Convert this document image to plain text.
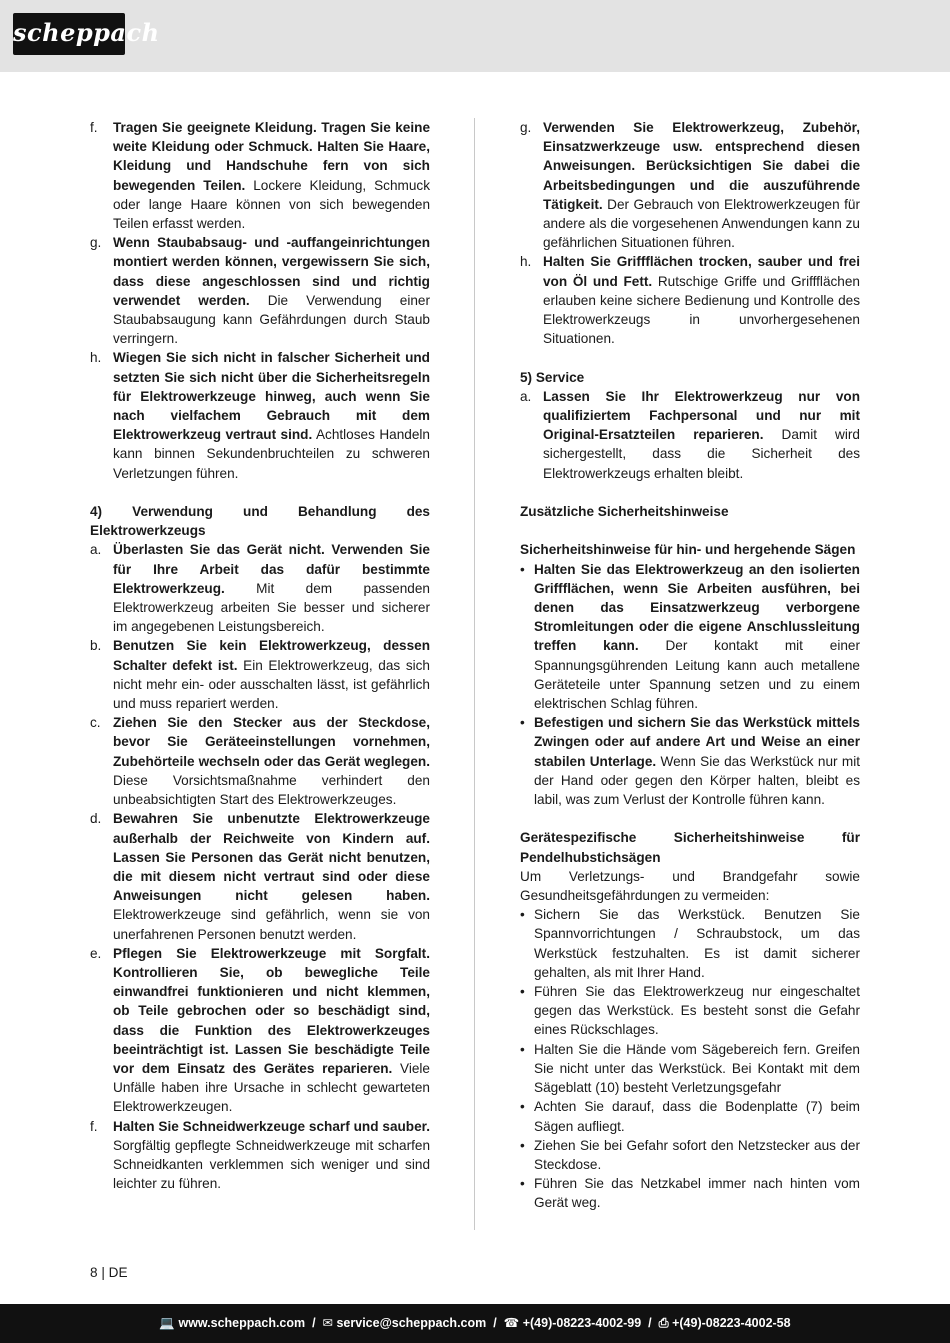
scheppach
f. Tragen Sie geeignete Kleidung. Tragen Sie keine weite Kleidung oder Schmuck. Halten Sie Haare, Kleidung und Handschuhe fern von sich bewegenden Teilen. Lockere Kleidung, Schmuck oder lange Haare können von sich bewegenden Teilen erfasst werden.
g. Wenn Staubabsaug- und -auffangeinrichtungen montiert werden können, vergewissern Sie sich, dass diese angeschlossen sind und richtig verwendet werden. Die Verwendung einer Staubabsaugung kann Gefährdungen durch Staub verringern.
h. Wiegen Sie sich nicht in falscher Sicherheit und setzten Sie sich nicht über die Sicherheitsregeln für Elektrowerkzeuge hinweg, auch wenn Sie nach vielfachem Gebrauch mit dem Elektrowerkzeug vertraut sind. Achtloses Handeln kann binnen Sekundenbruchteilen zu schweren Verletzungen führen.
4) Verwendung und Behandlung des Elektrowerkzeugs
a. Überlasten Sie das Gerät nicht. Verwenden Sie für Ihre Arbeit das dafür bestimmte Elektrowerkzeug. Mit dem passenden Elektrowerkzeug arbeiten Sie besser und sicherer im angegebenen Leistungsbereich.
b. Benutzen Sie kein Elektrowerkzeug, dessen Schalter defekt ist. Ein Elektrowerkzeug, das sich nicht mehr ein- oder ausschalten lässt, ist gefährlich und muss repariert werden.
c. Ziehen Sie den Stecker aus der Steckdose, bevor Sie Geräteeinstellungen vornehmen, Zubehörteile wechseln oder das Gerät weglegen. Diese Vorsichtsmaßnahme verhindert den unbeabsichtigten Start des Elektrowerkzeuges.
d. Bewahren Sie unbenutzte Elektrowerkzeuge außerhalb der Reichweite von Kindern auf. Lassen Sie Personen das Gerät nicht benutzen, die mit diesem nicht vertraut sind oder diese Anweisungen nicht gelesen haben. Elektrowerkzeuge sind gefährlich, wenn sie von unerfahrenen Personen benutzt werden.
e. Pflegen Sie Elektrowerkzeuge mit Sorgfalt. Kontrollieren Sie, ob bewegliche Teile einwandfrei funktionieren und nicht klemmen, ob Teile gebrochen oder so beschädigt sind, dass die Funktion des Elektrowerkzeuges beeinträchtigt ist. Lassen Sie beschädigte Teile vor dem Einsatz des Gerätes reparieren. Viele Unfälle haben ihre Ursache in schlecht gewarteten Elektrowerkzeugen.
f. Halten Sie Schneidwerkzeuge scharf und sauber. Sorgfältig gepflegte Schneidwerkzeuge mit scharfen Schneidkanten verklemmen sich weniger und sind leichter zu führen.
g. Verwenden Sie Elektrowerkzeug, Zubehör, Einsatzwerkzeuge usw. entsprechend diesen Anweisungen. Berücksichtigen Sie dabei die Arbeitsbedingungen und die auszuführende Tätigkeit. Der Gebrauch von Elektrowerkzeugen für andere als die vorgesehenen Anwendungen kann zu gefährlichen Situationen führen.
h. Halten Sie Griffflächen trocken, sauber und frei von Öl und Fett. Rutschige Griffe und Griffflächen erlauben keine sichere Bedienung und Kontrolle des Elektrowerkzeugs in unvorhergesehenen Situationen.
5) Service
a. Lassen Sie Ihr Elektrowerkzeug nur von qualifiziertem Fachpersonal und nur mit Original-Ersatzteilen reparieren. Damit wird sichergestellt, dass die Sicherheit des Elektrowerkzeugs erhalten bleibt.
Zusätzliche Sicherheitshinweise
Sicherheitshinweise für hin- und hergehende Sägen
• Halten Sie das Elektrowerkzeug an den isolierten Griffflächen, wenn Sie Arbeiten ausführen, bei denen das Einsatzwerkzeug verborgene Stromleitungen oder die eigene Anschlussleitung treffen kann. Der kontakt mit einer Spannungsgührenden Leitung kann auch metallene Geräteteile unter Spannung setzen und zu einem elektrischen Schlag führen.
• Befestigen und sichern Sie das Werkstück mittels Zwingen oder auf andere Art und Weise an einer stabilen Unterlage. Wenn Sie das Werkstück nur mit der Hand oder gegen den Körper halten, bleibt es labil, was zum Verlust der Kontrolle führen kann.
Gerätespezifische Sicherheitshinweise für Pendelhubstichsägen
Um Verletzungs- und Brandgefahr sowie Gesundheitsgefährdungen zu vermeiden:
• Sichern Sie das Werkstück. Benutzen Sie Spannvorrichtungen / Schraubstock, um das Werkstück festzuhalten. Es ist damit sicherer gehalten, als mit Ihrer Hand.
• Führen Sie das Elektrowerkzeug nur eingeschaltet gegen das Werkstück. Es besteht sonst die Gefahr eines Rückschlages.
• Halten Sie die Hände vom Sägebereich fern. Greifen Sie nicht unter das Werkstück. Bei Kontakt mit dem Sägeblatt (10) besteht Verletzungsgefahr
• Achten Sie darauf, dass die Bodenplatte (7) beim Sägen aufliegt.
• Ziehen Sie bei Gefahr sofort den Netzstecker aus der Steckdose.
• Führen Sie das Netzkabel immer nach hinten vom Gerät weg.
8 | DE
💻 www.scheppach.com  /  ✉ service@scheppach.com  /  ☎ +(49)-08223-4002-99  /  ⎙ +(49)-08223-4002-58
